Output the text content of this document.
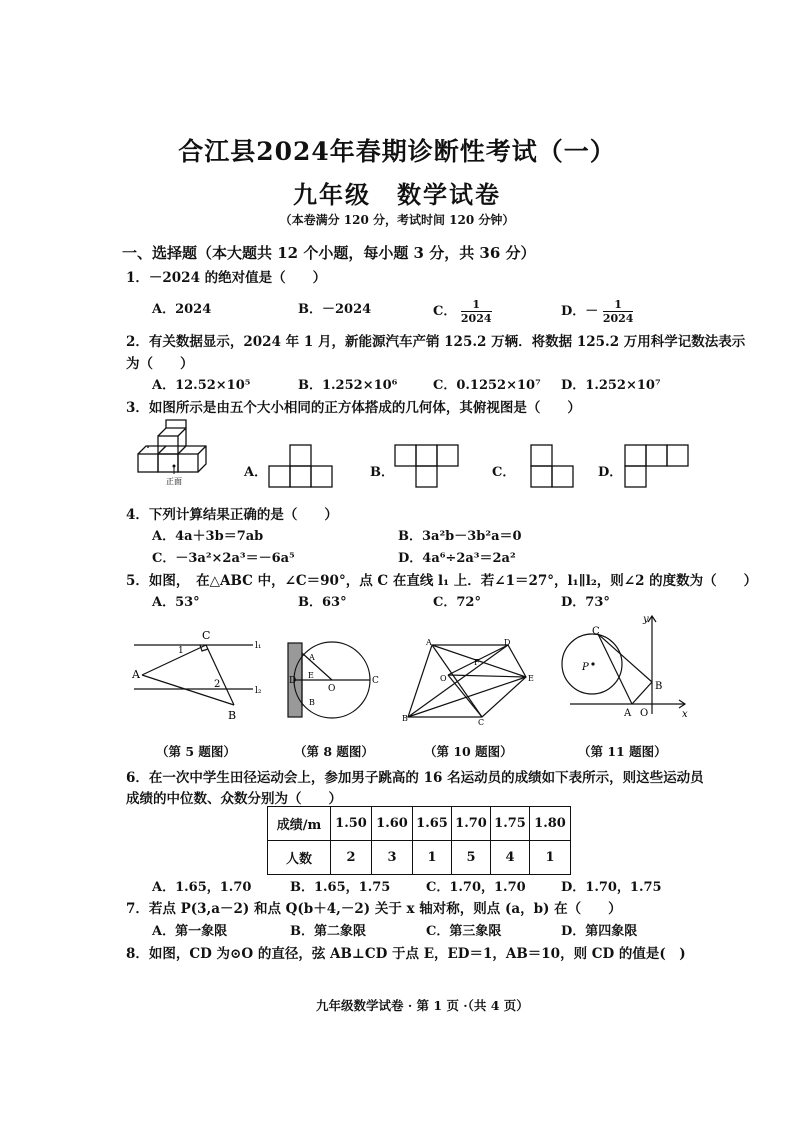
合江县2024年春期诊断性考试（一）
九年级　数学试卷
（本卷满分 120 分，考试时间 120 分钟）
一、选择题（本大题共 12 个小题，每小题 3 分，共 36 分）
1．－2024 的绝对值是（　　）
A．2024	B．－2024	C． $\frac{1}{2024}$	D．－ $\frac{1}{2024}$
2．有关数据显示，2024 年 1 月，新能源汽车产销 125.2 万辆．将数据 125.2 万用科学记数法表示
为（　　）
A．12.52×10⁵	B．1.252×10⁶	C．0.1252×10⁷ D．1.252×10⁷
3．如图所示是由五个大小相同的正方体搭成的几何体，其俯视图是（　　）
正面
A．	B．	C．	D．
4．下列计算结果正确的是（　　）
A．4a＋3b＝7ab	B．3a²b－3b²a＝0
C．－3a²×2a³＝－6a⁵	D．4a⁶÷2a³＝2a²
5．如图，　在△ABC 中，∠C＝90°，点 C 在直线 l₁ 上．若∠1＝27°，l₁∥l₂，则∠2 的度数为（　　）
A．53°	B．63°	C．72°	D．73°
C
l₁
l₂
A
B
1
2
A
B
D
E
O
C
A	D
E
C
B
O
F
C
P
B
A O	x
y
（第 5 题图）	（第 8 题图）	（第 10 题图）	（第 11 题图）
6．在一次中学生田径运动会上，参加男子跳高的 16 名运动员的成绩如下表所示，则这些运动员
成绩的中位数、众数分别为（　　）
成绩/m	1.50	1.60	1.65	1.70	1.75	1.80
人数	2	3	1	5	4	1
A．1.65，1.70	B．1.65，1.75	C．1.70，1.70	D．1.70，1.75
7．若点 P(3,a－2) 和点 Q(b＋4,－2) 关于 x 轴对称，则点 (a，b) 在（　　）
A．第一象限	B．第二象限	C．第三象限	D．第四象限
8．如图，CD 为⊙O 的直径，弦 AB⊥CD 于点 E，ED＝1，AB＝10，则 CD 的值是(　)
九年级数学试卷 · 第 1 页 ·（共 4 页）
